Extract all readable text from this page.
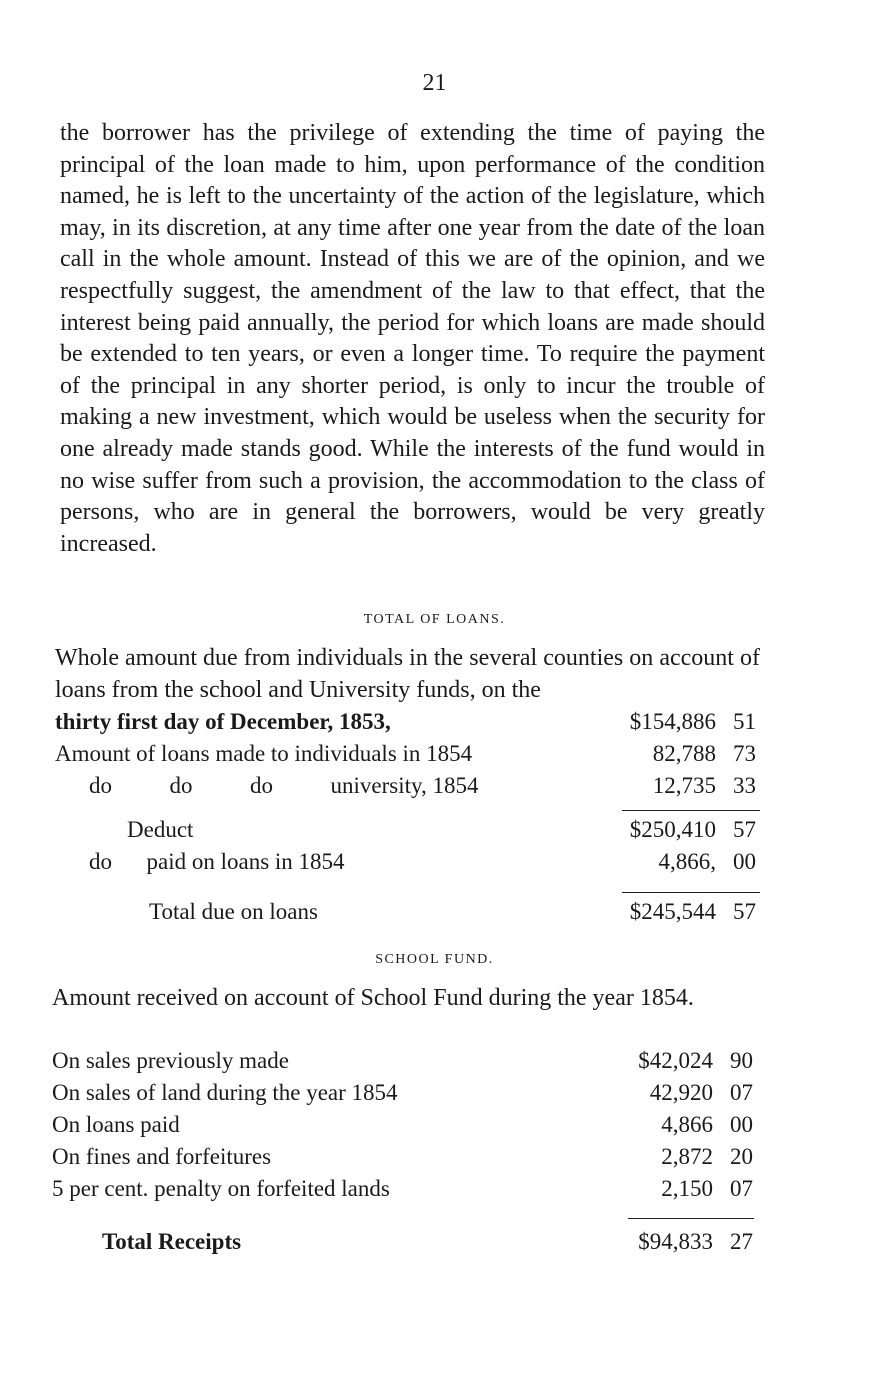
21

the borrower has the privilege of extending the time of paying the principal of the loan made to him, upon performance of the condition named, he is left to the uncertainty of the action of the legislature, which may, in its discretion, at any time after one year from the date of the loan call in the whole amount. Instead of this we are of the opinion, and we respectfully suggest, the amendment of the law to that effect, that the interest being paid annually, the period for which loans are made should be extended to ten years, or even a longer time. To require the payment of the principal in any shorter period, is only to incur the trouble of making a new investment, which would be useless when the security for one already made stands good. While the interests of the fund would in no wise suffer from such a provision, the accommodation to the class of persons, who are in general the borrowers, would be very greatly increased.

TOTAL OF LOANS.

Whole amount due from individuals in the several counties on account of loans from the school and University funds, on the

thirty first day of December, 1853,	$154,886 51
Amount of loans made to individuals in 1854	82,788 73
do          do          do          university, 1854	12,735 33
Deduct	$250,410 57
do      paid on loans in 1854	4,866, 00
Total due on loans	$245,544 57
SCHOOL FUND.

Amount received on account of School Fund during the year 1854.

On sales previously made	$42,024 90
On sales of land during the year 1854	42,920 07
On loans paid	4,866 00
On fines and forfeitures	2,872 20
5 per cent. penalty on forfeited lands	2,150 07
Total Receipts	$94,833 27
